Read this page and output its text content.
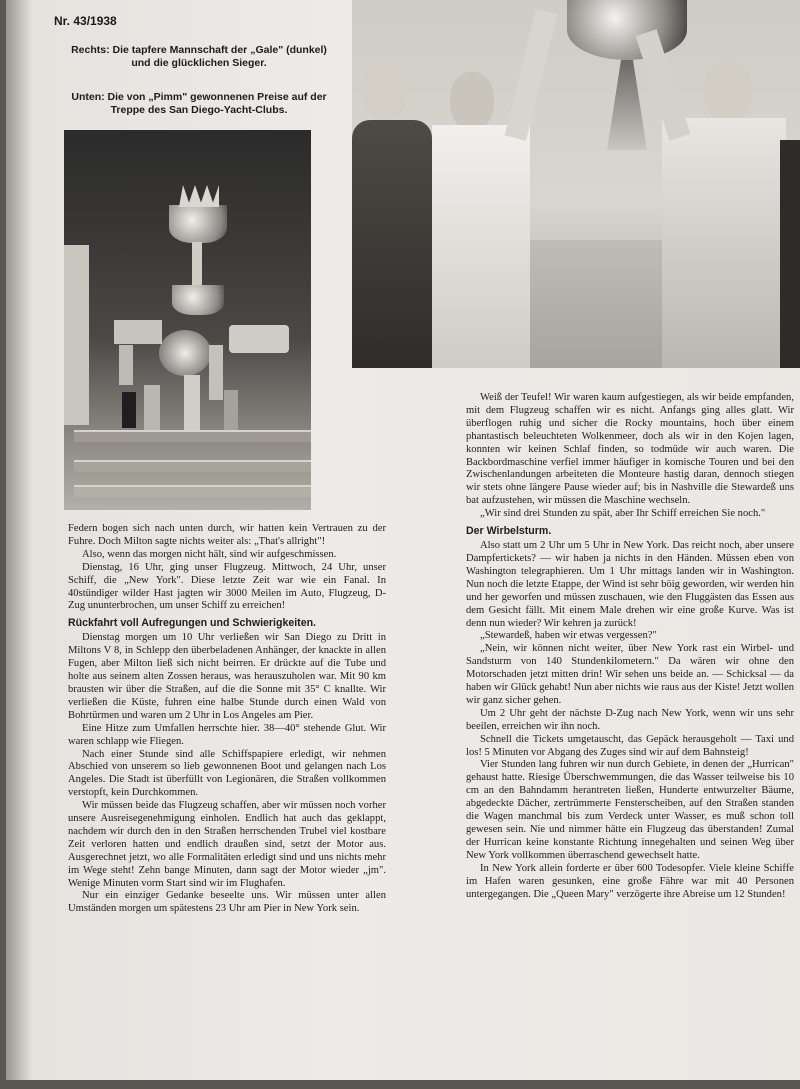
Nr. 43/1938
Rechts: Die tapfere Mannschaft der „Gale" (dunkel)
und die glücklichen Sieger.
Unten: Die von „Pimm" gewonnenen Preise auf der
Treppe des San Diego-Yacht-Clubs.

Federn bogen sich nach unten durch, wir hatten kein Vertrauen zu der Fuhre. Doch Milton sagte nichts weiter als: „That's allright"!

Also, wenn das morgen nicht hält, sind wir aufgeschmissen.

Dienstag, 16 Uhr, ging unser Flugzeug. Mittwoch, 24 Uhr, unser Schiff, die „New York". Diese letzte Zeit war wie ein Fanal. In 40stündiger wilder Hast jagten wir 3000 Meilen im Auto, Flugzeug, D-Zug ununterbrochen, um unser Schiff zu erreichen!

Rückfahrt voll Aufregungen und Schwierigkeiten.

Dienstag morgen um 10 Uhr verließen wir San Diego zu Dritt in Miltons V 8, in Schlepp den überbeladenen Anhänger, der knackte in allen Fugen, aber Milton ließ sich nicht beirren. Er drückte auf die Tube und holte aus seinem alten Zossen heraus, was herauszuholen war. Mit 90 km brausten wir über die Straßen, auf die die Sonne mit 35° C knallte. Wir verließen die Küste, fuhren eine halbe Stunde durch einen Wald von Bohrtürmen und waren um 2 Uhr in Los Angeles am Pier.

Eine Hitze zum Umfallen herrschte hier. 38—40° stehende Glut. Wir waren schlapp wie Fliegen.

Nach einer Stunde sind alle Schiffspapiere erledigt, wir nehmen Abschied von unserem so lieb gewonnenen Boot und gelangen nach Los Angeles. Die Stadt ist überfüllt von Legionären, die Straßen vollkommen verstopft, kein Durchkommen.

Wir müssen beide das Flugzeug schaffen, aber wir müssen noch vorher unsere Ausreisegenehmigung einholen. Endlich hat auch das geklappt, nachdem wir durch den in den Straßen herrschenden Trubel viel kostbare Zeit verloren hatten und endlich draußen sind, setzt der Motor aus. Ausgerechnet jetzt, wo alle Formalitäten erledigt sind und uns nichts mehr im Wege steht! Zehn bange Minuten, dann sagt der Motor wieder „jm". Wenige Minuten vorm Start sind wir im Flughafen.

Nur ein einziger Gedanke beseelte uns. Wir müssen unter allen Umständen morgen um spätestens 23 Uhr am Pier in New York sein.

Weiß der Teufel! Wir waren kaum aufgestiegen, als wir beide empfanden, mit dem Flugzeug schaffen wir es nicht. Anfangs ging alles glatt. Wir überflogen ruhig und sicher die Rocky mountains, hoch über einem phantastisch beleuchteten Wolkenmeer, doch als wir in den Kojen lagen, konnten wir keinen Schlaf finden, so todmüde wir auch waren. Die Backbordmaschine verfiel immer häufiger in komische Touren und bei den Zwischenlandungen arbeiteten die Monteure hastig daran, dennoch stiegen wir stets ohne längere Pause wieder auf; bis in Nashville die Stewardeß uns bat aufzustehen, wir müssen die Maschine wechseln.

„Wir sind drei Stunden zu spät, aber Ihr Schiff erreichen Sie noch."

Der Wirbelsturm.

Also statt um 2 Uhr um 5 Uhr in New York. Das reicht noch, aber unsere Dampfertickets? — wir haben ja nichts in den Händen. Müssen eben von Washington telegraphieren. Um 1 Uhr mittags landen wir in Washington. Nun noch die letzte Etappe, der Wind ist sehr böig geworden, wir werden hin und her geworfen und müssen zuschauen, wie den Fluggästen das Essen aus dem Gesicht fällt. Mit einem Male drehen wir eine große Kurve. Was ist denn nun wieder? Wir kehren ja zurück!

„Stewardeß, haben wir etwas vergessen?"

„Nein, wir können nicht weiter, über New York rast ein Wirbel- und Sandsturm von 140 Stundenkilometern." Da wären wir ohne den Motorschaden jetzt mitten drin! Wir sehen uns beide an. — Schicksal — da haben wir Glück gehabt! Nun aber nichts wie raus aus der Kiste! Jetzt wollen wir ganz sicher gehen.

Um 2 Uhr geht der nächste D-Zug nach New York, wenn wir uns sehr beeilen, erreichen wir ihn noch.

Schnell die Tickets umgetauscht, das Gepäck herausgeholt — Taxi und los! 5 Minuten vor Abgang des Zuges sind wir auf dem Bahnsteig!

Vier Stunden lang fuhren wir nun durch Gebiete, in denen der „Hurrican" gehaust hatte. Riesige Überschwemmungen, die das Wasser teilweise bis 10 cm an den Bahndamm herantreten ließen, Hunderte entwurzelter Bäume, abgedeckte Dächer, zertrümmerte Fensterscheiben, auf den Straßen standen die Wagen manchmal bis zum Verdeck unter Wasser, es muß schon toll gewesen sein. Nie und nimmer hätte ein Flugzeug das überstanden! Zumal der Hurrican keine konstante Richtung innegehalten und seinen Weg über New York vollkommen überraschend gewechselt hatte.

In New York allein forderte er über 600 Todesopfer. Viele kleine Schiffe im Hafen waren gesunken, eine große Fähre war mit 40 Personen untergegangen. Die „Queen Mary" verzögerte ihre Abreise um 12 Stunden!
